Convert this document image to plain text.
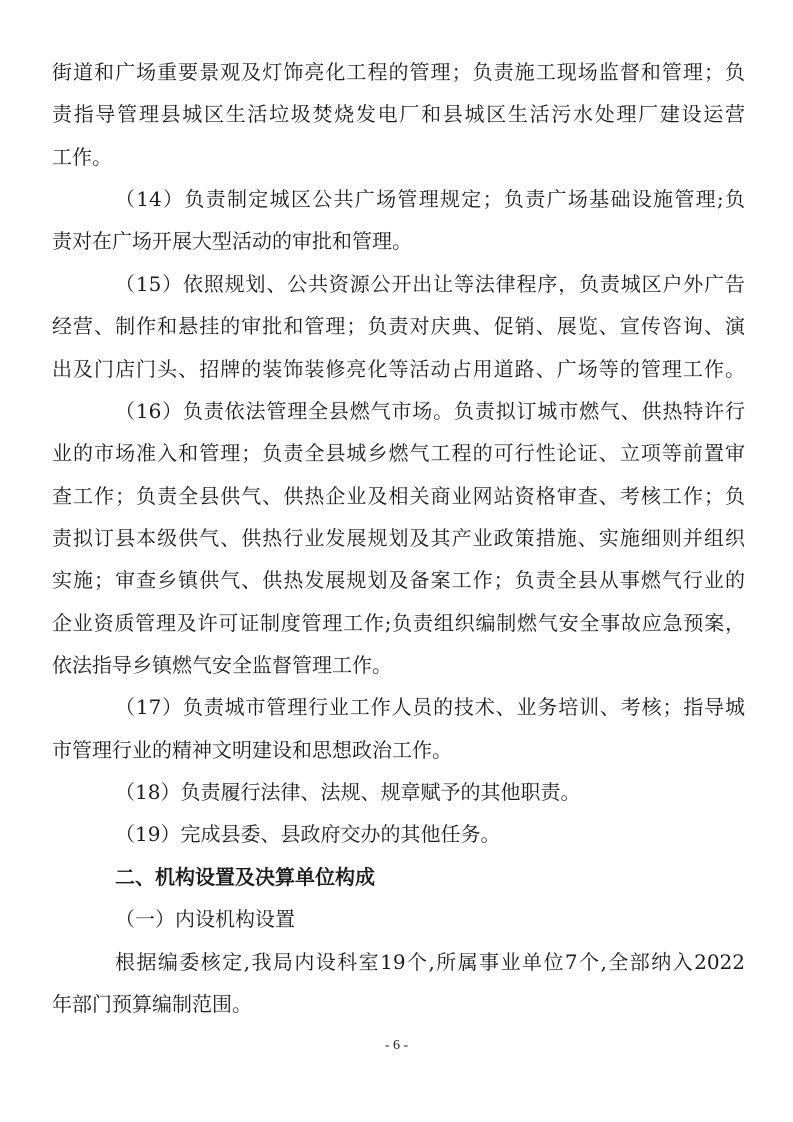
街道和广场重要景观及灯饰亮化工程的管理；负责施工现场监督和管理；负
责指导管理县城区生活垃圾焚烧发电厂和县城区生活污水处理厂建设运营
工作。
（14）负责制定城区公共广场管理规定；负责广场基础设施管理;负
责对在广场开展大型活动的审批和管理。
（15）依照规划、公共资源公开出让等法律程序，负责城区户外广告
经营、制作和悬挂的审批和管理；负责对庆典、促销、展览、宣传咨询、演
出及门店门头、招牌的装饰装修亮化等活动占用道路、广场等的管理工作。
（16）负责依法管理全县燃气市场。负责拟订城市燃气、供热特许行
业的市场准入和管理；负责全县城乡燃气工程的可行性论证、立项等前置审
查工作；负责全县供气、供热企业及相关商业网站资格审查、考核工作；负
责拟订县本级供气、供热行业发展规划及其产业政策措施、实施细则并组织
实施；审查乡镇供气、供热发展规划及备案工作；负责全县从事燃气行业的
企业资质管理及许可证制度管理工作;负责组织编制燃气安全事故应急预案，
依法指导乡镇燃气安全监督管理工作。
（17）负责城市管理行业工作人员的技术、业务培训、考核；指导城
市管理行业的精神文明建设和思想政治工作。
（18）负责履行法律、法规、规章赋予的其他职责。
（19）完成县委、县政府交办的其他任务。
二、机构设置及决算单位构成
（一）内设机构设置
根据编委核定,我局内设科室19个,所属事业单位7个,全部纳入2022
年部门预算编制范围。
- 6 -
